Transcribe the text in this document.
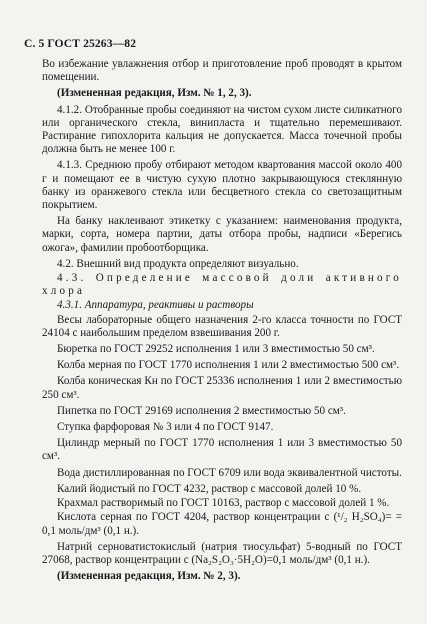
С. 5 ГОСТ 25263—82

Во избежание увлажнения отбор и приготовление проб проводят в крытом помещении.

(Измененная редакция, Изм. № 1, 2, 3).

4.1.2. Отобранные пробы соединяют на чистом сухом листе силикатного или органического стекла, винипласта и тщательно перемешивают. Растирание гипохлорита кальция не допускается. Масса точечной пробы должна быть не менее 100 г.

4.1.3. Среднюю пробу отбирают методом квартования массой около 400 г и помещают ее в чистую сухую плотно закрывающуюся стеклянную банку из оранжевого стекла или бесцветного стекла со светозащитным покрытием.

На банку наклеивают этикетку с указанием: наименования продукта, марки, сорта, номера партии, даты отбора пробы, надписи «Берегись ожога», фамилии пробоотборщика.

4.2. Внешний вид продукта определяют визуально.

4.3. Определение массовой доли активного хлора

4.3.1. Аппаратура, реактивы и растворы

Весы лабораторные общего назначения 2-го класса точности по ГОСТ 24104 с наибольшим пределом взвешивания 200 г.

Бюретка по ГОСТ 29252 исполнения 1 или 3 вместимостью 50 см³.

Колба мерная по ГОСТ 1770 исполнения 1 или 2 вместимостью 500 см³.

Колба коническая Кн по ГОСТ 25336 исполнения 1 или 2 вместимостью 250 см³.

Пипетка по ГОСТ 29169 исполнения 2 вместимостью 50 см³.

Ступка фарфоровая № 3 или 4 по ГОСТ 9147.

Цилиндр мерный по ГОСТ 1770 исполнения 1 или 3 вместимостью 50 см³.

Вода дистиллированная по ГОСТ 6709 или вода эквивалентной чистоты.

Калий йодистый по ГОСТ 4232, раствор с массовой долей 10 %.

Крахмал растворимый по ГОСТ 10163, раствор с массовой долей 1 %.

Кислота серная по ГОСТ 4204, раствор концентрации с (¹/₂ H₂SO₄)= = 0,1 моль/дм³ (0,1 н.).

Натрий серноватистокислый (натрия тиосульфат) 5-водный по ГОСТ 27068, раствор концентрации с (Na₂S₂O₃·5H₂O)=0,1 моль/дм³ (0,1 н.).

(Измененная редакция, Изм. № 2, 3).
